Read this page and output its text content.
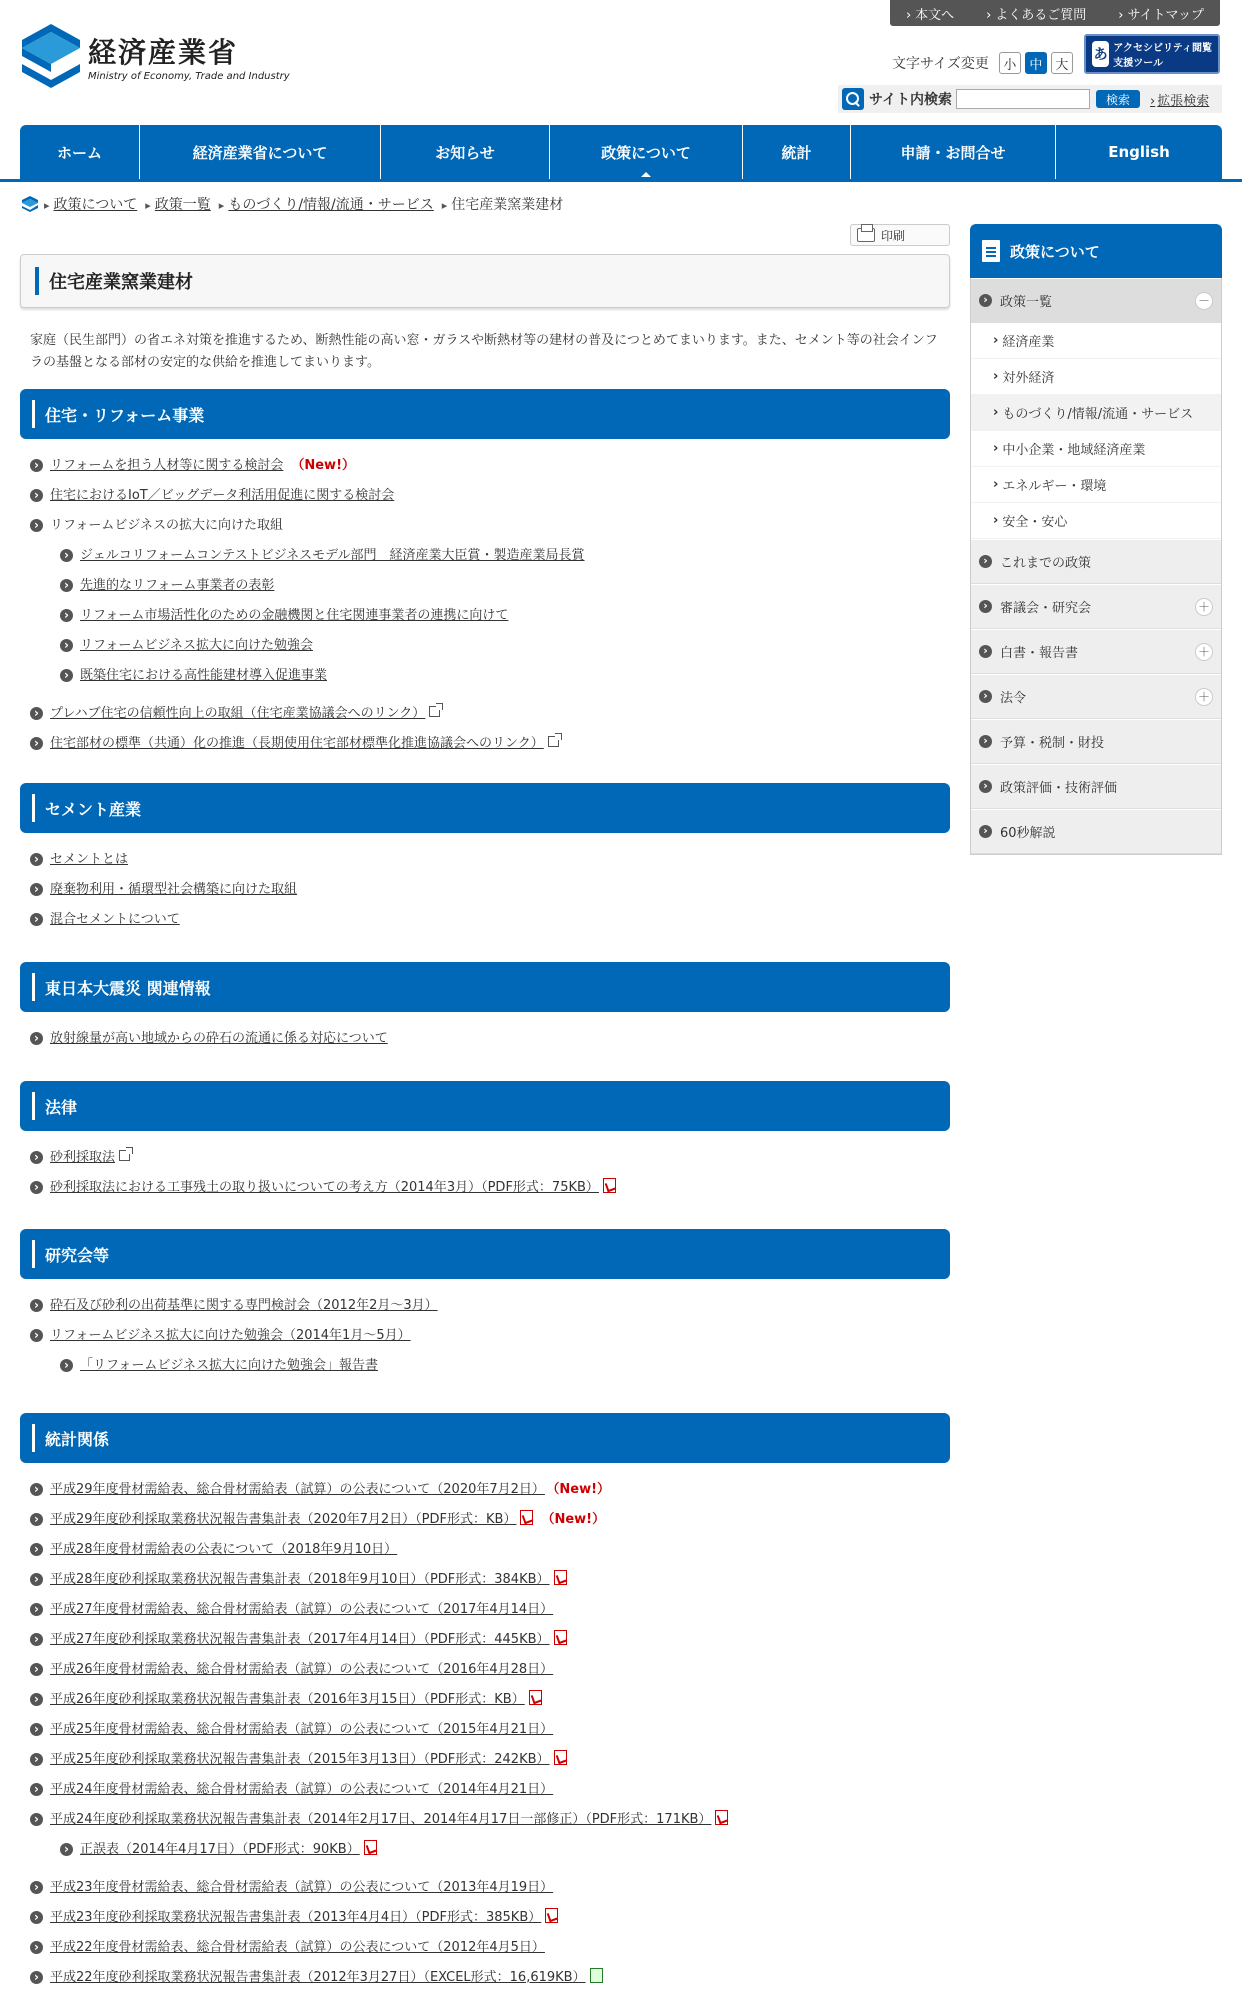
› 本文へ	› よくあるご質問	› サイトマップ
経済産業省
Ministry of Economy, Trade and Industry
文字サイズ変更	小 中 大
あ アクセシビリティ閲覧支援ツール
サイト内検索	検索	› 拡張検索
ホーム	経済産業省について	お知らせ	政策について	統計	申請・お問合せ	English
▸ 政策について	▸ 政策一覧	▸ ものづくり/情報/流通・サービス	▸ 住宅産業窯業建材
印刷
住宅産業窯業建材

家庭（民生部門）の省エネ対策を推進するため、断熱性能の高い窓・ガラスや断熱材等の建材の普及につとめてまいります。また、セメント等の社会インフラの基盤となる部材の安定的な供給を推進してまいります。

住宅・リフォーム事業
› リフォームを担う人材等に関する検討会 （New!）
› 住宅におけるIoT／ビッグデータ利活用促進に関する検討会
› リフォームビジネスの拡大に向けた取組
› ジェルコリフォームコンテストビジネスモデル部門　経済産業大臣賞・製造産業局長賞
› 先進的なリフォーム事業者の表彰
› リフォーム市場活性化のための金融機関と住宅関連事業者の連携に向けて
› リフォームビジネス拡大に向けた勉強会
› 既築住宅における高性能建材導入促進事業
› プレハブ住宅の信頼性向上の取組（住宅産業協議会へのリンク）
› 住宅部材の標準（共通）化の推進（長期使用住宅部材標準化推進協議会へのリンク）
セメント産業
› セメントとは
› 廃棄物利用・循環型社会構築に向けた取組
› 混合セメントについて
東日本大震災 関連情報
› 放射線量が高い地域からの砕石の流通に係る対応について
法律
› 砂利採取法
› 砂利採取法における工事残土の取り扱いについての考え方（2014年3月）（PDF形式：75KB）
研究会等
› 砕石及び砂利の出荷基準に関する専門検討会（2012年2月～3月）
› リフォームビジネス拡大に向けた勉強会（2014年1月～5月）
› 「リフォームビジネス拡大に向けた勉強会」報告書
統計関係
› 平成29年度骨材需給表、総合骨材需給表（試算）の公表について（2020年7月2日） （New!）
› 平成29年度砂利採取業務状況報告書集計表（2020年7月2日）（PDF形式：KB） （New!）
› 平成28年度骨材需給表の公表について（2018年9月10日）
› 平成28年度砂利採取業務状況報告書集計表（2018年9月10日）（PDF形式：384KB）
› 平成27年度骨材需給表、総合骨材需給表（試算）の公表について（2017年4月14日）
› 平成27年度砂利採取業務状況報告書集計表（2017年4月14日）（PDF形式：445KB）
› 平成26年度骨材需給表、総合骨材需給表（試算）の公表について（2016年4月28日）
› 平成26年度砂利採取業務状況報告書集計表（2016年3月15日）（PDF形式：KB）
› 平成25年度骨材需給表、総合骨材需給表（試算）の公表について（2015年4月21日）
› 平成25年度砂利採取業務状況報告書集計表（2015年3月13日）（PDF形式：242KB）
› 平成24年度骨材需給表、総合骨材需給表（試算）の公表について（2014年4月21日）
› 平成24年度砂利採取業務状況報告書集計表（2014年2月17日、2014年4月17日一部修正）（PDF形式：171KB）
› 正誤表（2014年4月17日）（PDF形式：90KB）
› 平成23年度骨材需給表、総合骨材需給表（試算）の公表について（2013年4月19日）
› 平成23年度砂利採取業務状況報告書集計表（2013年4月4日）（PDF形式：385KB）
› 平成22年度骨材需給表、総合骨材需給表（試算）の公表について（2012年4月5日）
› 平成22年度砂利採取業務状況報告書集計表（2012年3月27日）（EXCEL形式：16,619KB）
政策について
› 政策一覧	－
› 経済産業
› 対外経済
› ものづくり/情報/流通・サービス
› 中小企業・地域経済産業
› エネルギー・環境
› 安全・安心
› これまでの政策
› 審議会・研究会	＋
› 白書・報告書	＋
› 法令	＋
› 予算・税制・財投
› 政策評価・技術評価
› 60秒解説
